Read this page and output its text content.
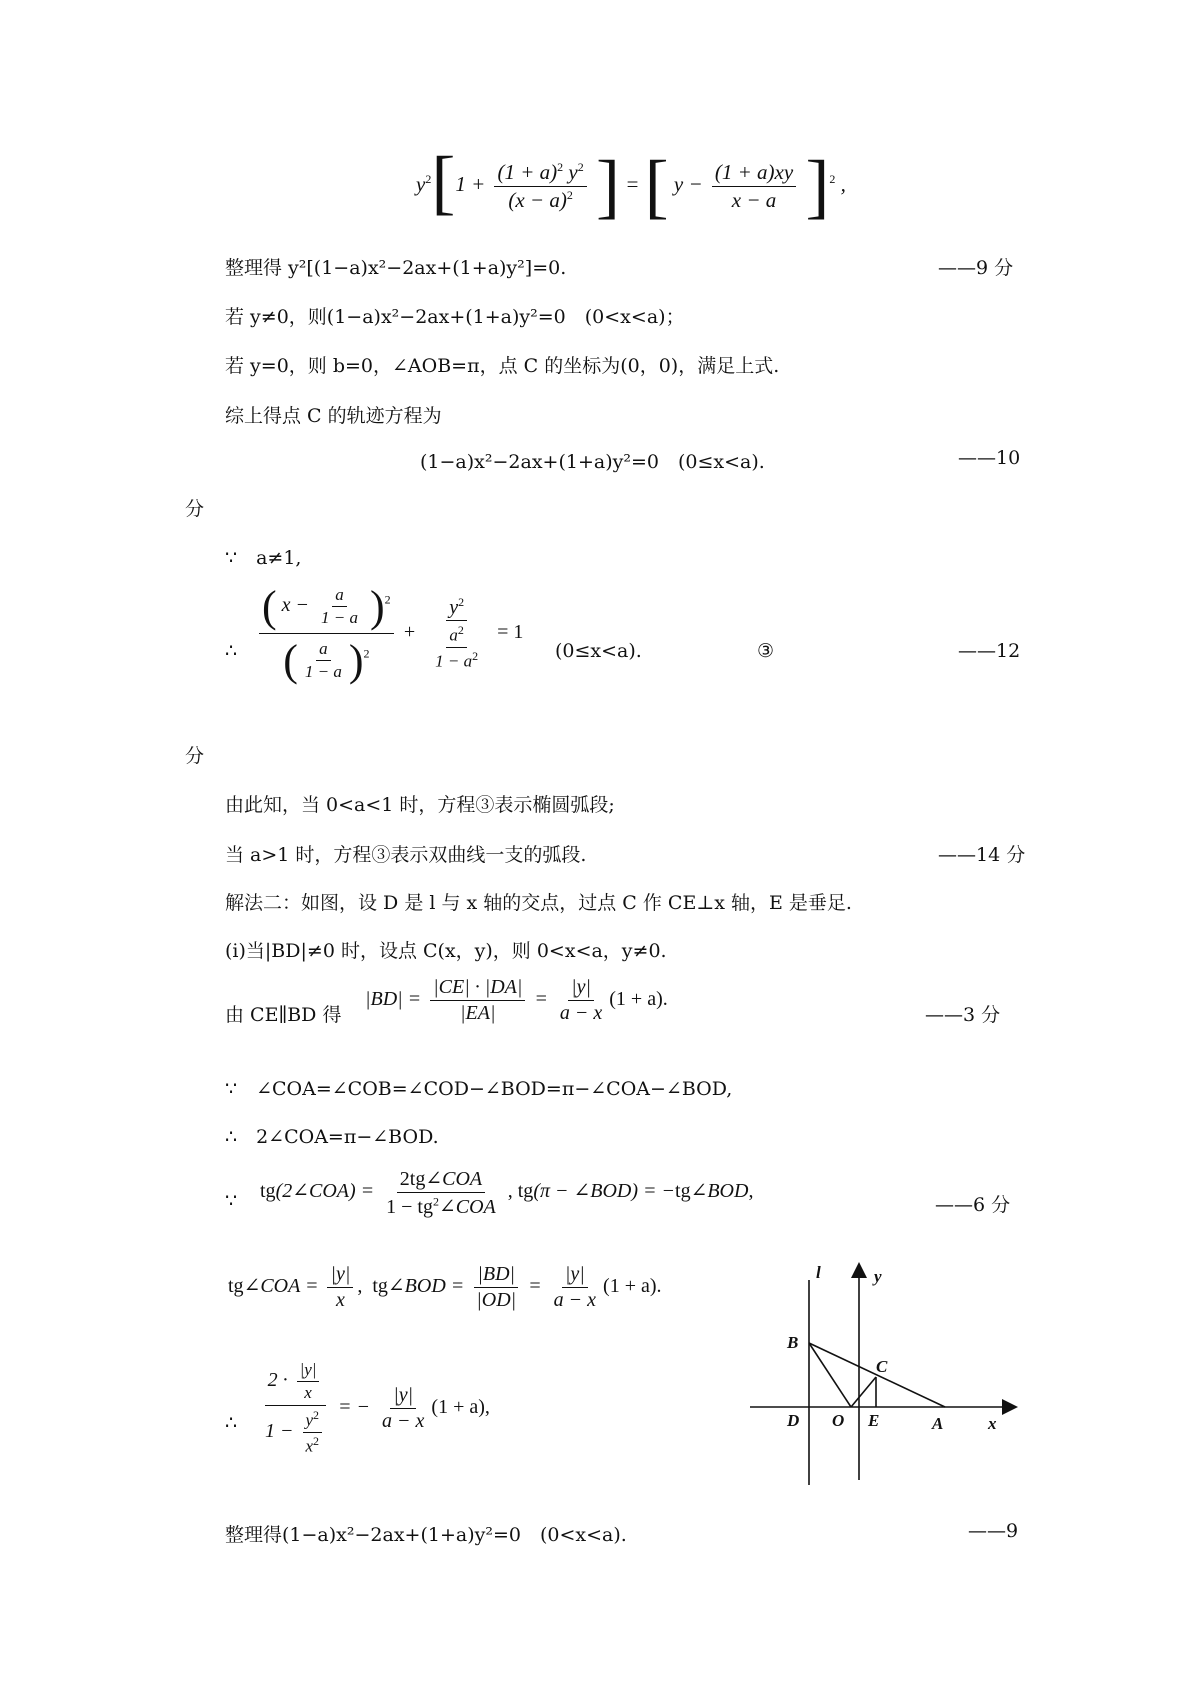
$y^2[1 + \frac{(1 + a)^2 y^2}{(x - a)^2}$ ] = [ $y - \frac{(1 + a)xy}{x - a} ]^2$ ,
整理得 y²[(1−a)x²−2ax+(1+a)y²]=0.	——9 分
若 y≠0，则(1−a)x²−2ax+(1+a)y²=0　(0<x<a)；
若 y=0，则 b=0，∠AOB=π，点 C 的坐标为(0，0)，满足上式.
综上得点 C 的轨迹方程为
(1−a)x²−2ax+(1+a)y²=0　(0≤x<a).	——10
分
∵　a≠1,
∴ $\frac{( x - \frac{a}{1 - a} )^2}{( \frac{a}{1 - a} )^2} + \frac{y^2}{\frac{a^2}{1 - a^2}} = 1$
(0≤x<a).	③	——12
分
由此知，当 0<a<1 时，方程③表示椭圆弧段;
当 a>1 时，方程③表示双曲线一支的弧段.	——14 分
解法二：如图，设 D 是 l 与 x 轴的交点，过点 C 作 CE⊥x 轴，E 是垂足.
(ⅰ)当|BD|≠0 时，设点 C(x，y)，则 0<x<a，y≠0.
由 CE∥BD 得
$|BD| = \frac{|CE| \cdot |DA|}{|EA|} = \frac{|y|}{a - x} (1 + a)$.
——3 分
∵　∠COA=∠COB=∠COD−∠BOD=π−∠COA−∠BOD,
∴　2∠COA=π−∠BOD.
∵ tg(2∠COA) = $\frac{\text{2tg∠COA}}{1 - tg^2\angle COA}$ , tg(π − ∠BOD) = −tg∠BOD,
——6 分
tg∠COA = $\frac{|y|}{x}$ , tg∠BOD = $\frac{|BD|}{|OD|} = \frac{|y|}{a - x} (1 + a)$.
∴ $\frac{2 \cdot \frac{|y|}{x}}{1 - \frac{y^2}{x^2}}$ = − $\frac{|y|}{a - x} (1 + a)$,
整理得(1−a)x²−2ax+(1+a)y²=0　(0<x<a).	——9
l	y
B
C
D O E	A	x
